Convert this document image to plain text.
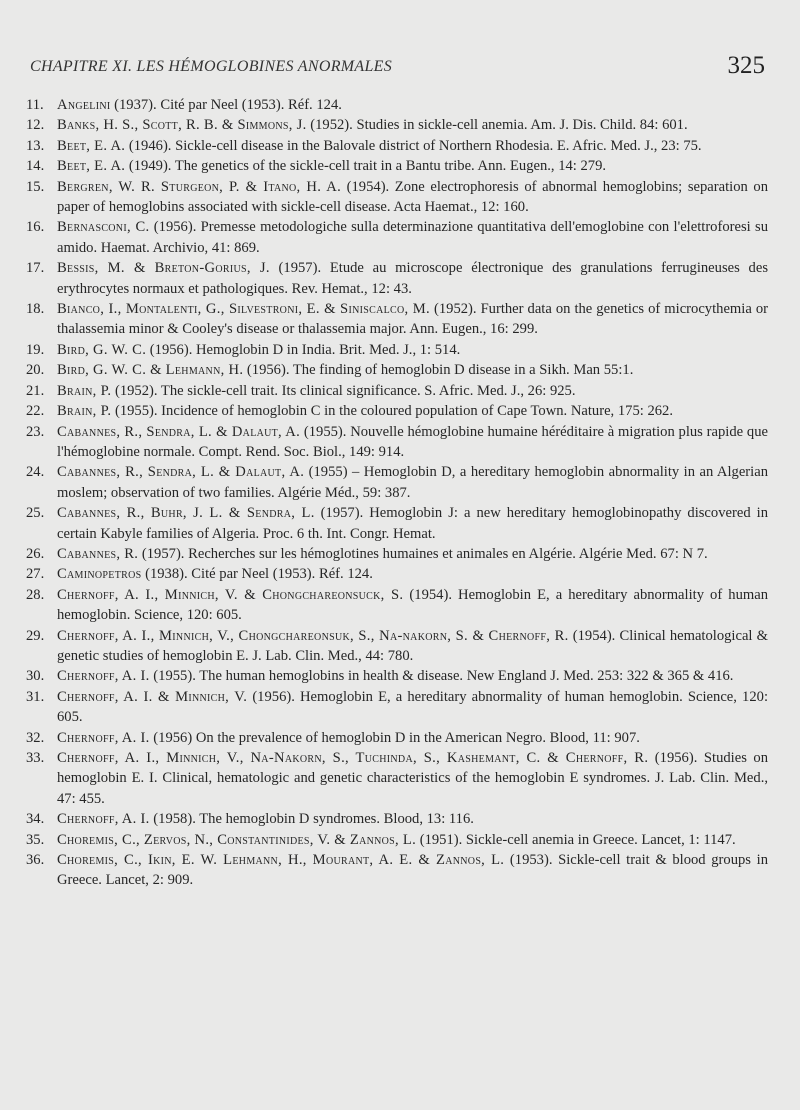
CHAPITRE XI. LES HÉMOGLOBINES ANORMALES	325
11. Angelini (1937). Cité par Neel (1953). Réf. 124.
12. Banks, H. S., Scott, R. B. & Simmons, J. (1952). Studies in sickle-cell anemia. Am. J. Dis. Child. 84: 601.
13. Beet, E. A. (1946). Sickle-cell disease in the Balovale district of Northern Rhodesia. E. Afric. Med. J., 23: 75.
14. Beet, E. A. (1949). The genetics of the sickle-cell trait in a Bantu tribe. Ann. Eugen., 14: 279.
15. Bergren, W. R. Sturgeon, P. & Itano, H. A. (1954). Zone electrophoresis of abnormal hemoglobins; separation on paper of hemoglobins associated with sickle-cell disease. Acta Haemat., 12: 160.
16. Bernasconi, C. (1956). Premesse metodologiche sulla determinazione quantitativa dell'emoglobine con l'elettroforesi su amido. Haemat. Archivio, 41: 869.
17. Bessis, M. & Breton-Gorius, J. (1957). Etude au microscope électronique des granulations ferrugineuses des erythrocytes normaux et pathologiques. Rev. Hemat., 12: 43.
18. Bianco, I., Montalenti, G., Silvestroni, E. & Siniscalco, M. (1952). Further data on the genetics of microcythemia or thalassemia minor & Cooley's disease or thalassemia major. Ann. Eugen., 16: 299.
19. Bird, G. W. C. (1956). Hemoglobin D in India. Brit. Med. J., 1: 514.
20. Bird, G. W. C. & Lehmann, H. (1956). The finding of hemoglobin D disease in a Sikh. Man 55:1.
21. Brain, P. (1952). The sickle-cell trait. Its clinical significance. S. Afric. Med. J., 26: 925.
22. Brain, P. (1955). Incidence of hemoglobin C in the coloured population of Cape Town. Nature, 175: 262.
23. Cabannes, R., Sendra, L. & Dalaut, A. (1955). Nouvelle hémoglobine humaine héréditaire à migration plus rapide que l'hémoglobine normale. Compt. Rend. Soc. Biol., 149: 914.
24. Cabannes, R., Sendra, L. & Dalaut, A. (1955) – Hemoglobin D, a hereditary hemoglobin abnormality in an Algerian moslem; observation of two families. Algérie Méd., 59: 387.
25. Cabannes, R., Buhr, J. L. & Sendra, L. (1957). Hemoglobin J: a new hereditary hemoglobinopathy discovered in certain Kabyle families of Algeria. Proc. 6 th. Int. Congr. Hemat.
26. Cabannes, R. (1957). Recherches sur les hémoglotines humaines et animales en Algérie. Algérie Med. 67: N 7.
27. Caminopetros (1938). Cité par Neel (1953). Réf. 124.
28. Chernoff, A. I., Minnich, V. & Chongchareonsuck, S. (1954). Hemoglobin E, a hereditary abnormality of human hemoglobin. Science, 120: 605.
29. Chernoff, A. I., Minnich, V., Chongchareonsuk, S., Na-nakorn, S. & Chernoff, R. (1954). Clinical hematological & genetic studies of hemoglobin E. J. Lab. Clin. Med., 44: 780.
30. Chernoff, A. I. (1955). The human hemoglobins in health & disease. New England J. Med. 253: 322 & 365 & 416.
31. Chernoff, A. I. & Minnich, V. (1956). Hemoglobin E, a hereditary abnormality of human hemoglobin. Science, 120: 605.
32. Chernoff, A. I. (1956) On the prevalence of hemoglobin D in the American Negro. Blood, 11: 907.
33. Chernoff, A. I., Minnich, V., Na-Nakorn, S., Tuchinda, S., Kashemant, C. & Chernoff, R. (1956). Studies on hemoglobin E. I. Clinical, hematologic and genetic characteristics of the hemoglobin E syndromes. J. Lab. Clin. Med., 47: 455.
34. Chernoff, A. I. (1958). The hemoglobin D syndromes. Blood, 13: 116.
35. Choremis, C., Zervos, N., Constantinides, V. & Zannos, L. (1951). Sickle-cell anemia in Greece. Lancet, 1: 1147.
36. Choremis, C., Ikin, E. W. Lehmann, H., Mourant, A. E. & Zannos, L. (1953). Sickle-cell trait & blood groups in Greece. Lancet, 2: 909.
